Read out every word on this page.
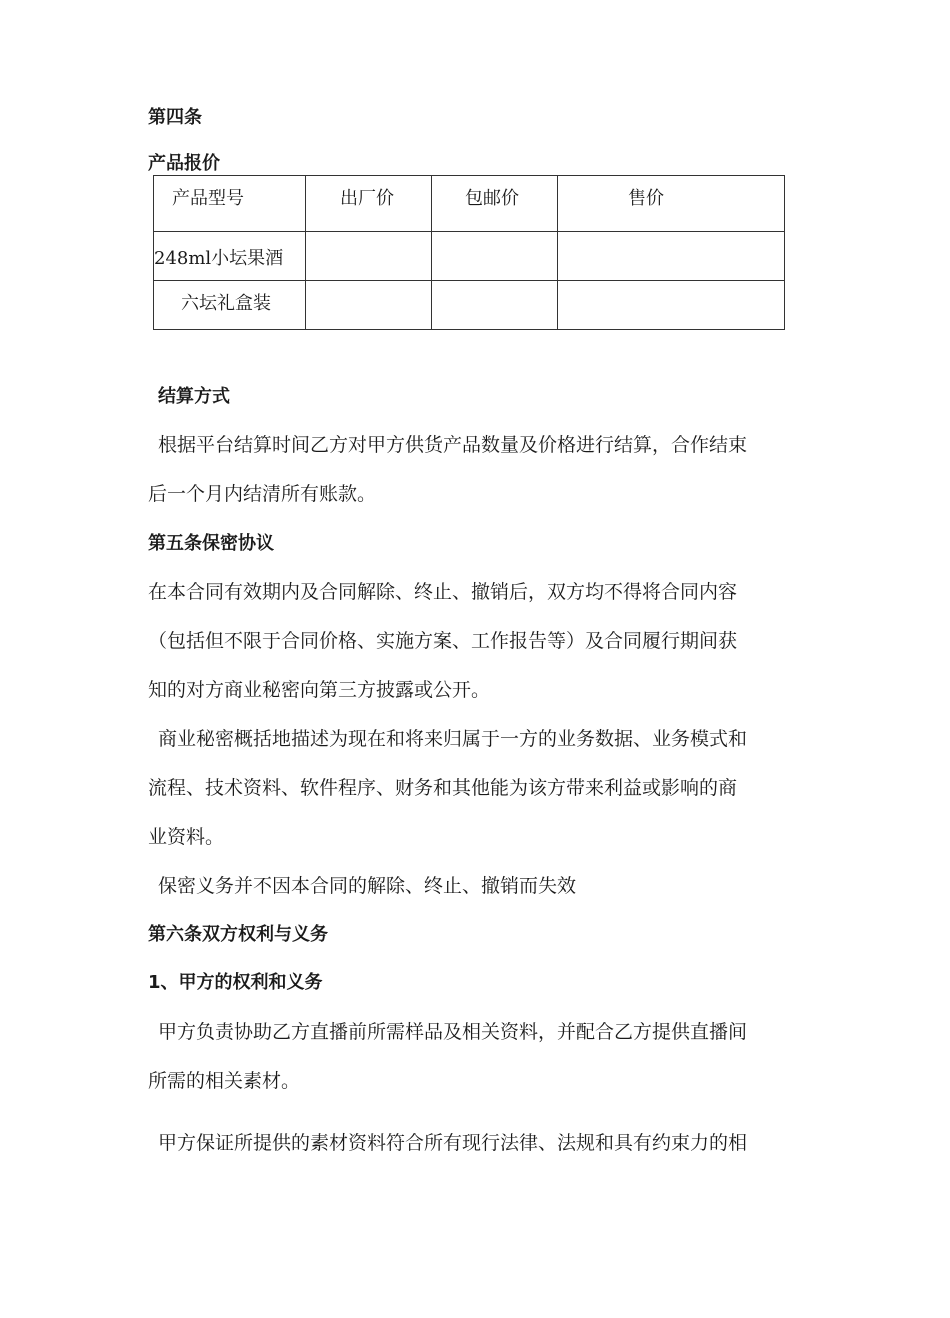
第四条
产品报价
产品型号	出厂价	包邮价	售价

248ml小坛果酒			

六坛礼盒装			

结算方式
根据平台结算时间乙方对甲方供货产品数量及价格进行结算，合作结束
后一个月内结清所有账款。
第五条保密协议
在本合同有效期内及合同解除、终止、撤销后，双方均不得将合同内容
（包括但不限于合同价格、实施方案、工作报告等）及合同履行期间获
知的对方商业秘密向第三方披露或公开。
商业秘密概括地描述为现在和将来归属于一方的业务数据、业务模式和
流程、技术资料、软件程序、财务和其他能为该方带来利益或影响的商
业资料。
保密义务并不因本合同的解除、终止、撤销而失效
第六条双方权利与义务
1、甲方的权利和义务
甲方负责协助乙方直播前所需样品及相关资料，并配合乙方提供直播间
所需的相关素材。
甲方保证所提供的素材资料符合所有现行法律、法规和具有约束力的相
